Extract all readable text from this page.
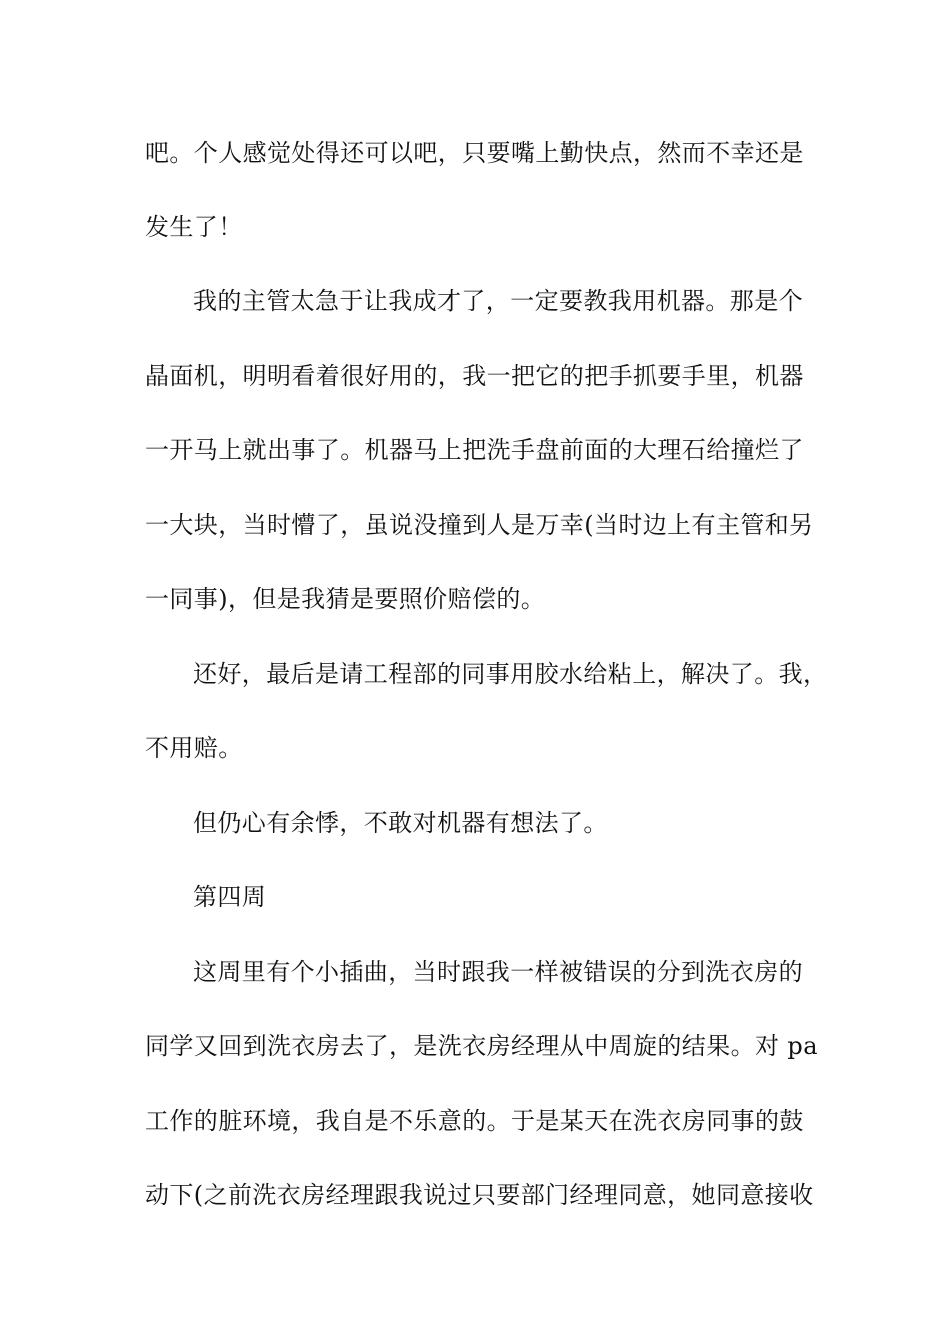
吧。个人感觉处得还可以吧，只要嘴上勤快点，然而不幸还是
发生了！
我的主管太急于让我成才了，一定要教我用机器。那是个
晶面机，明明看着很好用的，我一把它的把手抓要手里，机器
一开马上就出事了。机器马上把洗手盘前面的大理石给撞烂了
一大块，当时懵了，虽说没撞到人是万幸(当时边上有主管和另
一同事)，但是我猜是要照价赔偿的。
还好，最后是请工程部的同事用胶水给粘上，解决了。我，
不用赔。
但仍心有余悸，不敢对机器有想法了。
第四周
这周里有个小插曲，当时跟我一样被错误的分到洗衣房的
同学又回到洗衣房去了，是洗衣房经理从中周旋的结果。对 pa
工作的脏环境，我自是不乐意的。于是某天在洗衣房同事的鼓
动下(之前洗衣房经理跟我说过只要部门经理同意，她同意接收
